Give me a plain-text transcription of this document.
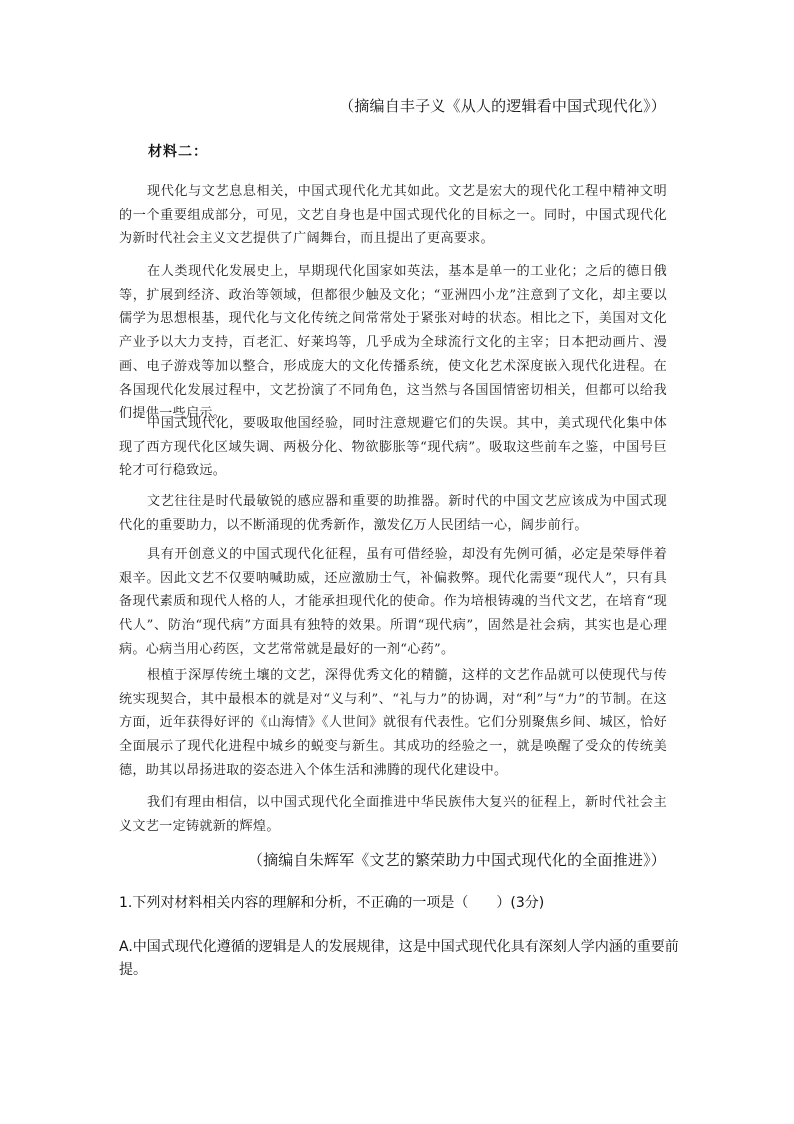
（摘编自丰子义《从人的逻辑看中国式现代化》）
材料二：

现代化与文艺息息相关，中国式现代化尤其如此。文艺是宏大的现代化工程中精神文明的一个重要组成部分，可见，文艺自身也是中国式现代化的目标之一。同时，中国式现代化为新时代社会主义文艺提供了广阔舞台，而且提出了更高要求。

在人类现代化发展史上，早期现代化国家如英法，基本是单一的工业化；之后的德日俄等，扩展到经济、政治等领域，但都很少触及文化；“亚洲四小龙”注意到了文化，却主要以儒学为思想根基，现代化与文化传统之间常常处于紧张对峙的状态。相比之下，美国对文化产业予以大力支持，百老汇、好莱坞等，几乎成为全球流行文化的主宰；日本把动画片、漫画、电子游戏等加以整合，形成庞大的文化传播系统，使文化艺术深度嵌入现代化进程。在各国现代化发展过程中，文艺扮演了不同角色，这当然与各国国情密切相关，但都可以给我们提供一些启示。

中国式现代化，要吸取他国经验，同时注意规避它们的失误。其中，美式现代化集中体现了西方现代化区域失调、两极分化、物欲膨胀等“现代病”。吸取这些前车之鉴，中国号巨轮才可行稳致远。

文艺往往是时代最敏锐的感应器和重要的助推器。新时代的中国文艺应该成为中国式现代化的重要助力，以不断涌现的优秀新作，激发亿万人民团结一心，阔步前行。

具有开创意义的中国式现代化征程，虽有可借经验，却没有先例可循，必定是荣辱伴着艰辛。因此文艺不仅要呐喊助威，还应激励士气，补偏救弊。现代化需要“现代人”，只有具备现代素质和现代人格的人，才能承担现代化的使命。作为培根铸魂的当代文艺，在培育“现代人”、防治“现代病”方面具有独特的效果。所谓“现代病”，固然是社会病，其实也是心理病。心病当用心药医，文艺常常就是最好的一剂“心药”。

根植于深厚传统土壤的文艺，深得优秀文化的精髓，这样的文艺作品就可以使现代与传统实现契合，其中最根本的就是对“义与利”、“礼与力”的协调，对“利”与“力”的节制。在这方面，近年获得好评的《山海情》《人世间》就很有代表性。它们分别聚焦乡间、城区，恰好全面展示了现代化进程中城乡的蜕变与新生。其成功的经验之一，就是唤醒了受众的传统美德，助其以昂扬进取的姿态进入个体生活和沸腾的现代化建设中。

我们有理由相信，以中国式现代化全面推进中华民族伟大复兴的征程上，新时代社会主义文艺一定铸就新的辉煌。

（摘编自朱辉军《文艺的繁荣助力中国式现代化的全面推进》）
1.下列对材料相关内容的理解和分析，不正确的一项是（　　）(3分)
A.中国式现代化遵循的逻辑是人的发展规律，这是中国式现代化具有深刻人学内涵的重要前提。
